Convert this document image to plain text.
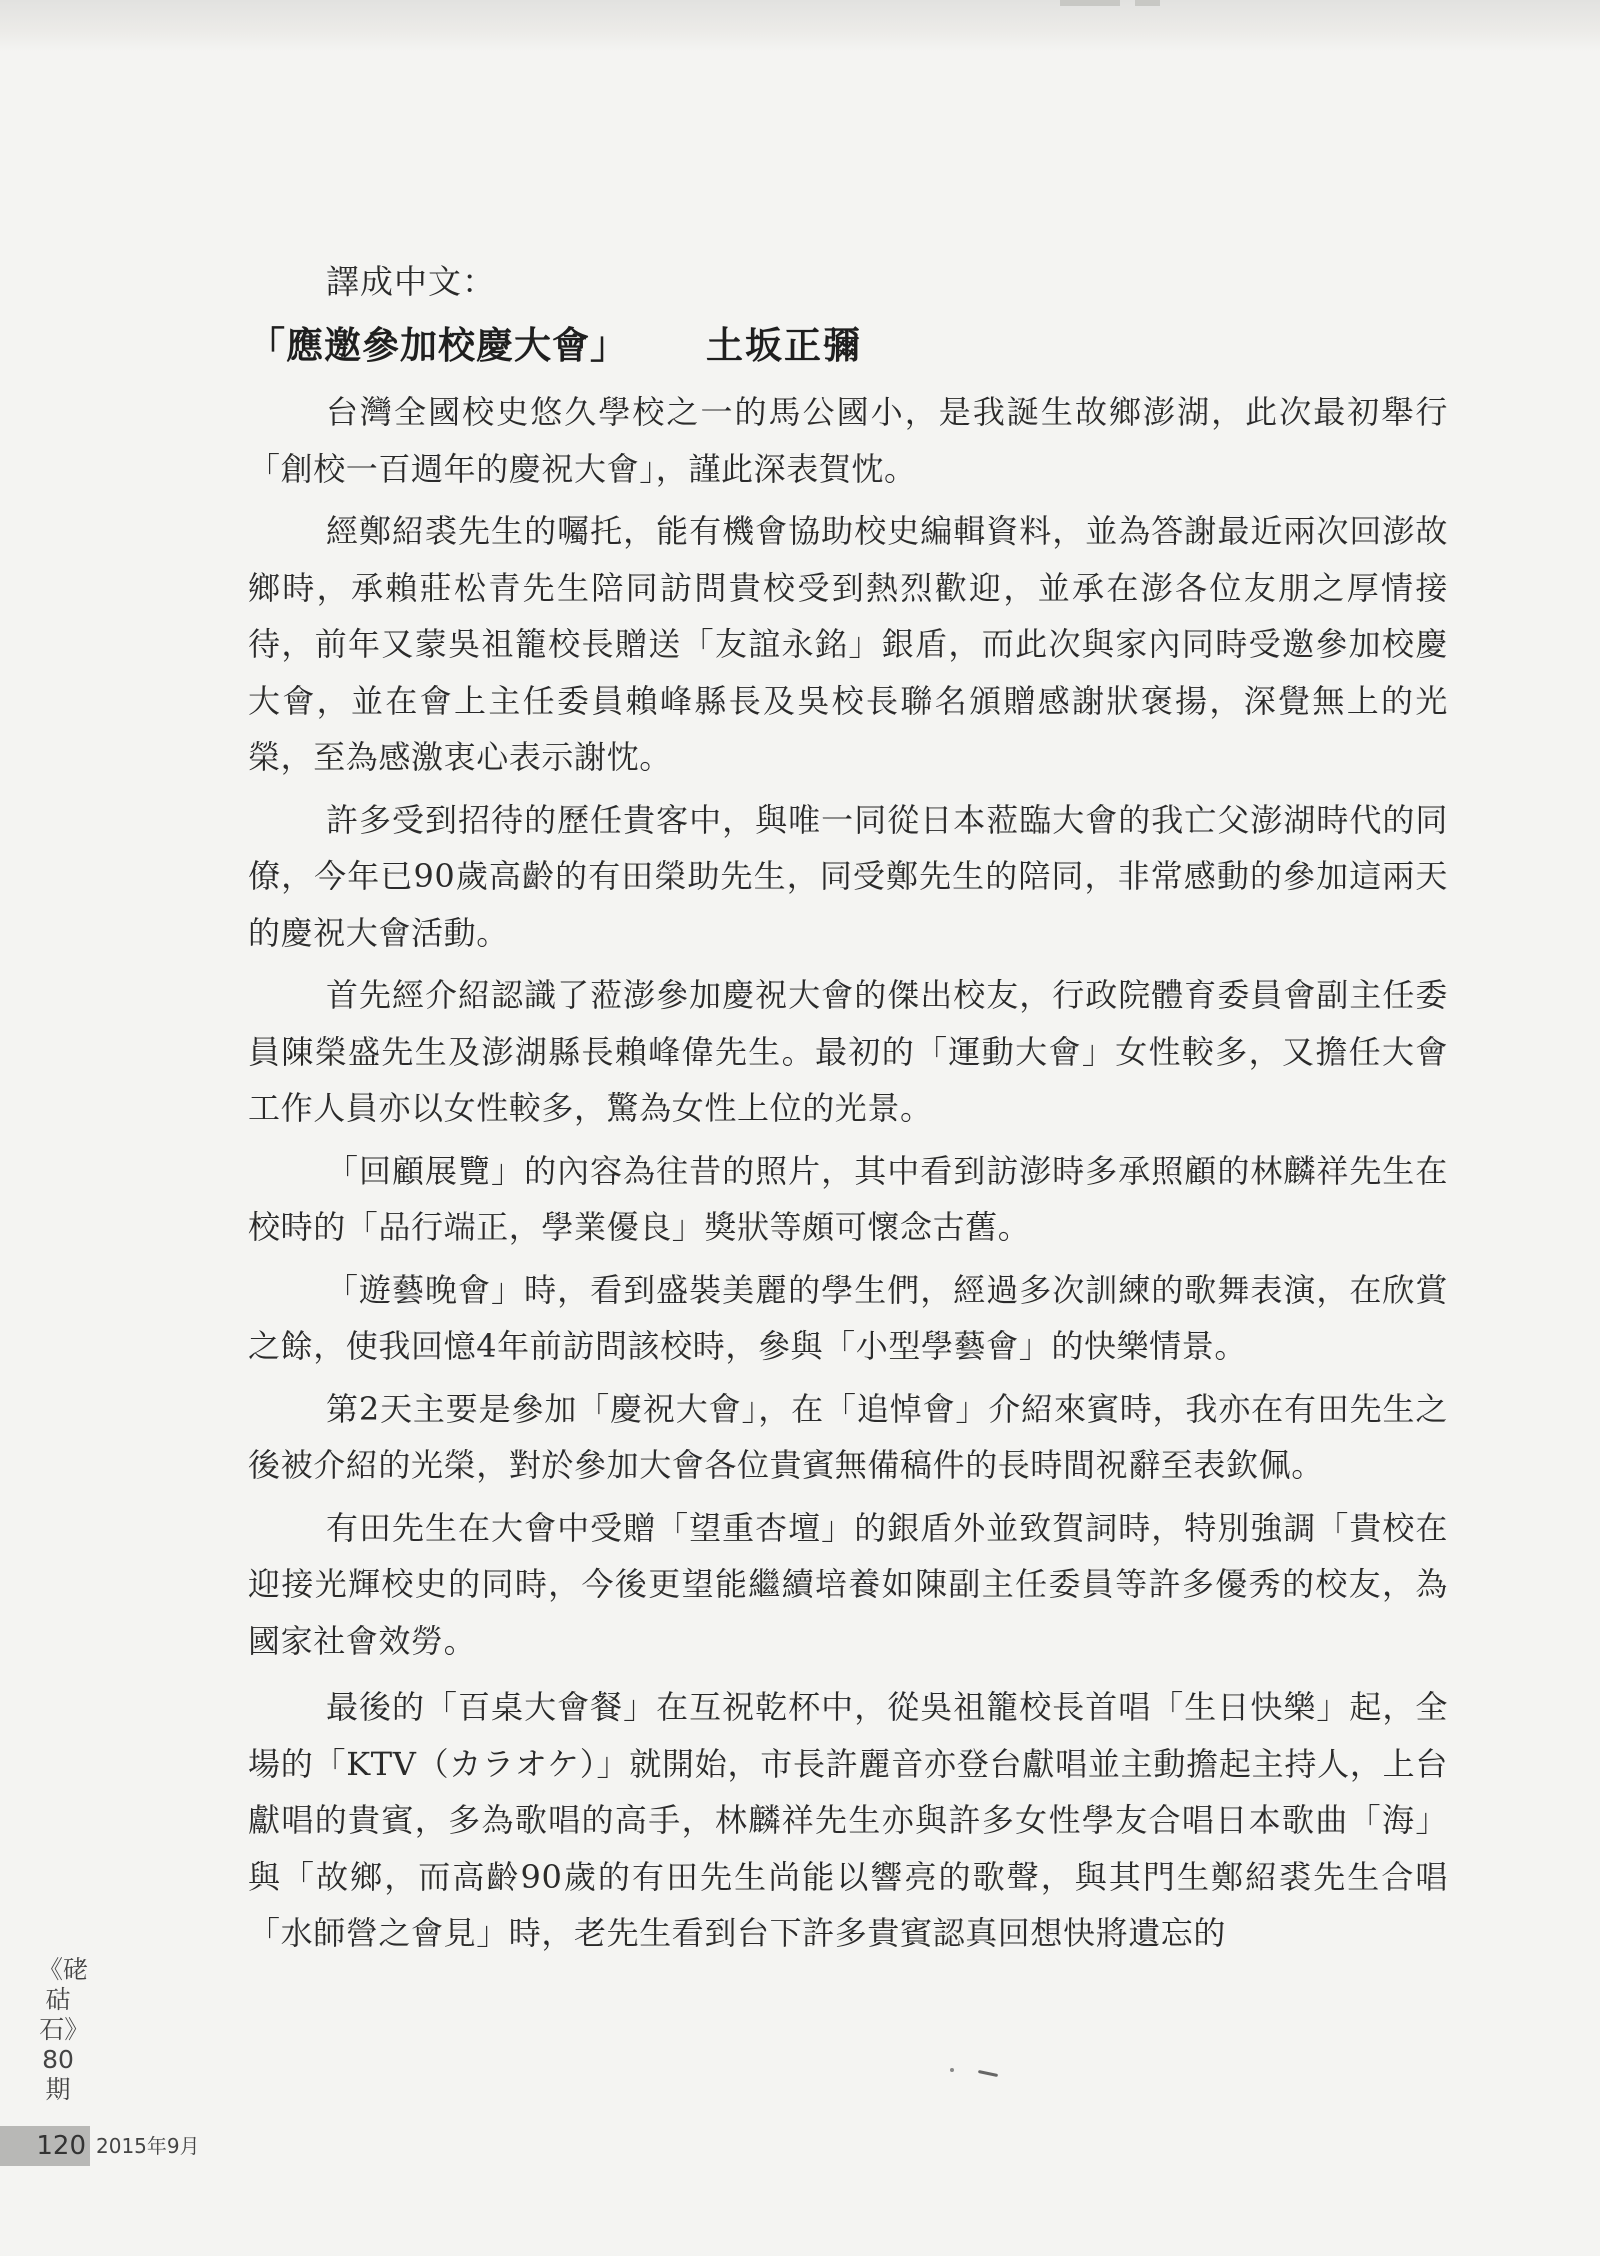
譯成中文：

「應邀參加校慶大會」 土坂正彌

台灣全國校史悠久學校之一的馬公國小，是我誕生故鄉澎湖，此次最初舉行「創校一百週年的慶祝大會」，謹此深表賀忱。

經鄭紹裘先生的囑托，能有機會協助校史編輯資料，並為答謝最近兩次回澎故鄉時，承賴莊松青先生陪同訪問貴校受到熱烈歡迎，並承在澎各位友朋之厚情接待，前年又蒙吳祖籠校長贈送「友誼永銘」銀盾，而此次與家內同時受邀參加校慶大會，並在會上主任委員賴峰縣長及吳校長聯名頒贈感謝狀褒揚，深覺無上的光榮，至為感激衷心表示謝忱。

許多受到招待的歷任貴客中，與唯一同從日本蒞臨大會的我亡父澎湖時代的同僚，今年已90歲高齡的有田榮助先生，同受鄭先生的陪同，非常感動的參加這兩天的慶祝大會活動。

首先經介紹認識了蒞澎參加慶祝大會的傑出校友，行政院體育委員會副主任委員陳榮盛先生及澎湖縣長賴峰偉先生。最初的「運動大會」女性較多，又擔任大會工作人員亦以女性較多，驚為女性上位的光景。

「回顧展覽」的內容為往昔的照片，其中看到訪澎時多承照顧的林麟祥先生在校時的「品行端正，學業優良」獎狀等頗可懷念古舊。

「遊藝晚會」時，看到盛裝美麗的學生們，經過多次訓練的歌舞表演，在欣賞之餘，使我回憶4年前訪問該校時，參與「小型學藝會」的快樂情景。

第2天主要是參加「慶祝大會」，在「追悼會」介紹來賓時，我亦在有田先生之後被介紹的光榮，對於參加大會各位貴賓無備稿件的長時間祝辭至表欽佩。

有田先生在大會中受贈「望重杏壇」的銀盾外並致賀詞時，特別強調「貴校在迎接光輝校史的同時，今後更望能繼續培養如陳副主任委員等許多優秀的校友，為國家社會效勞。

最後的「百桌大會餐」在互祝乾杯中，從吳祖籠校長首唱「生日快樂」起，全場的「KTV（カラオケ）」就開始，市長許麗音亦登台獻唱並主動擔起主持人，上台獻唱的貴賓，多為歌唱的高手，林麟祥先生亦與許多女性學友合唱日本歌曲「海」與「故鄉，而高齡90歲的有田先生尚能以響亮的歌聲，與其門生鄭紹裘先生合唱「水師營之會見」時，老先生看到台下許多貴賓認真回想快將遺忘的

《硓𥑮石》80期
120 2015年9月
